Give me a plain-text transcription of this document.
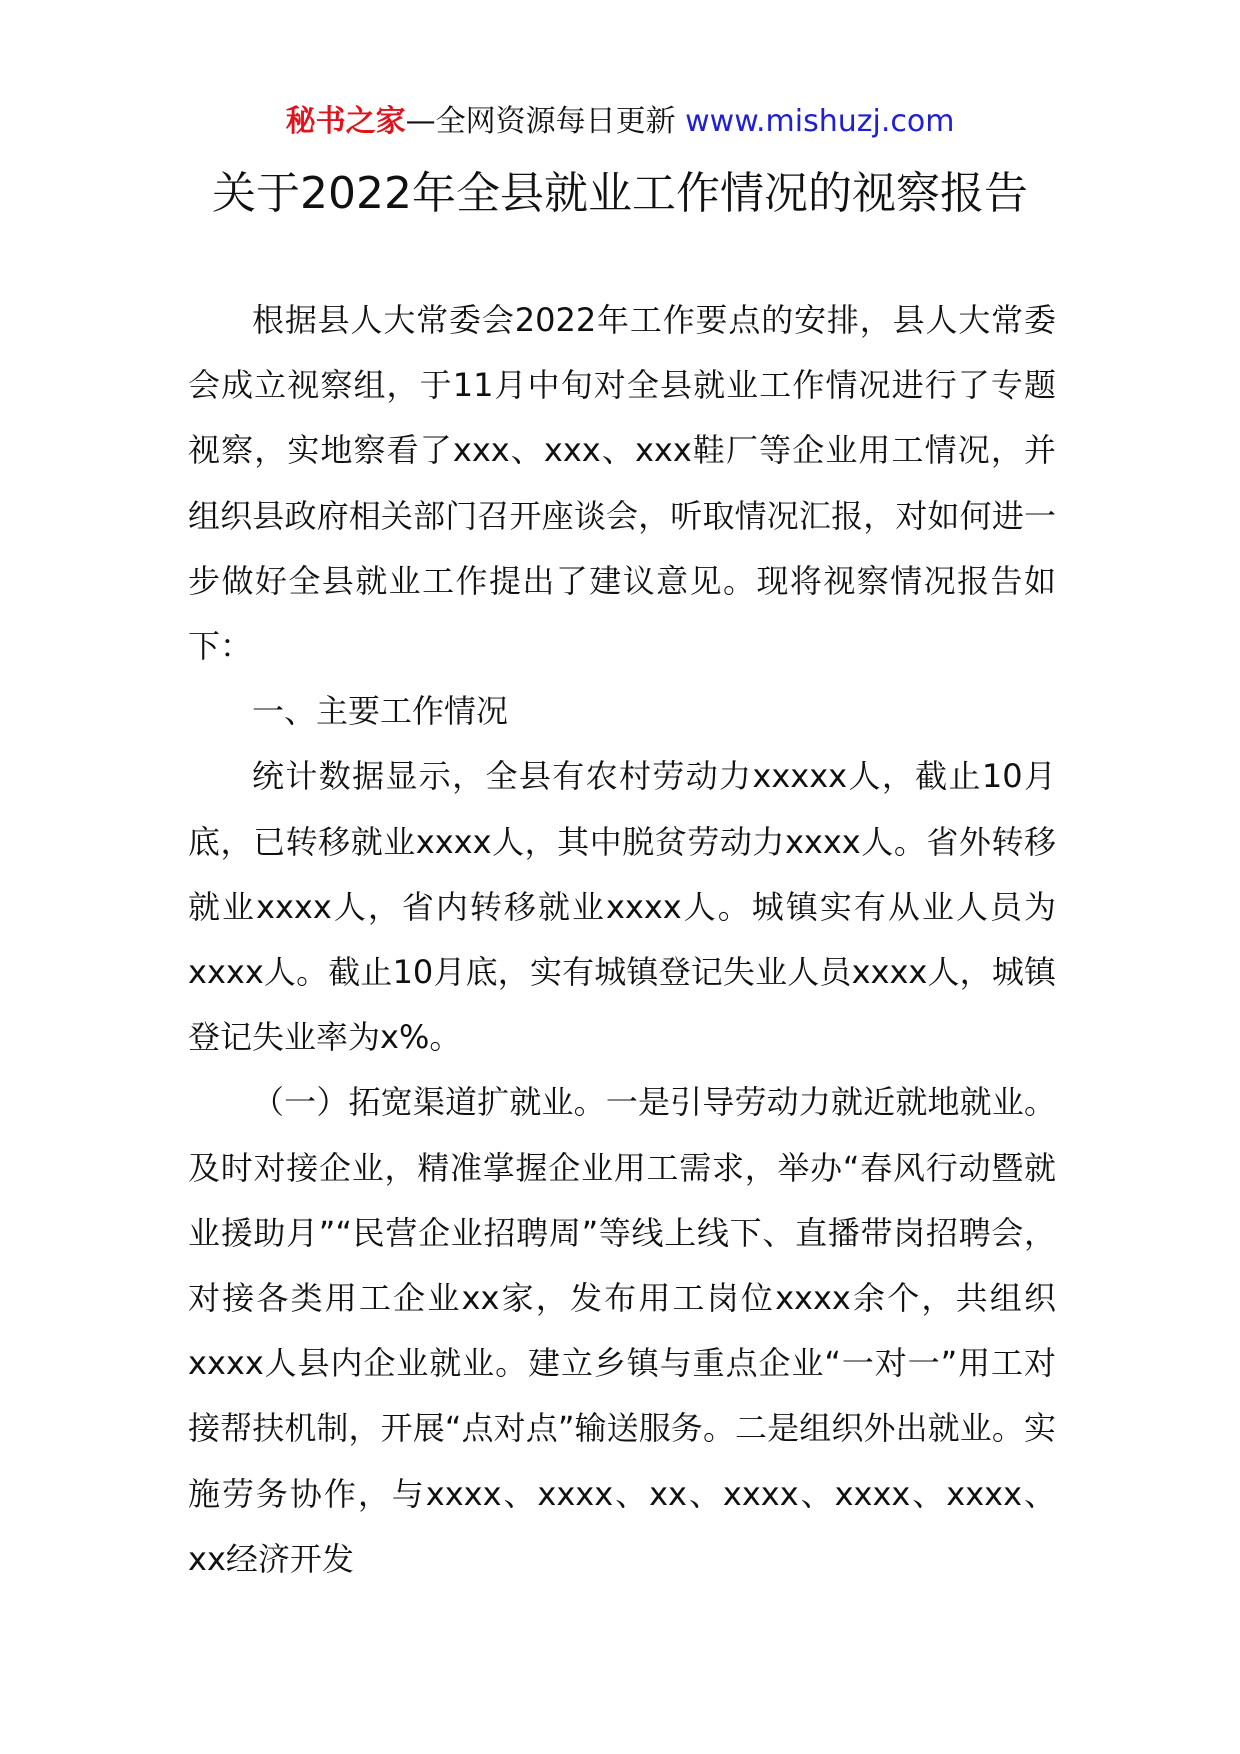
秘书之家—全网资源每日更新 www.mishuzj.com
关于2022年全县就业工作情况的视察报告

根据县人大常委会2022年工作要点的安排，县人大常委会成立视察组，于11月中旬对全县就业工作情况进行了专题视察，实地察看了xxx、xxx、xxx鞋厂等企业用工情况，并组织县政府相关部门召开座谈会，听取情况汇报，对如何进一步做好全县就业工作提出了建议意见。现将视察情况报告如下：

一、主要工作情况

统计数据显示，全县有农村劳动力xxxxx人，截止10月底，已转移就业xxxx人，其中脱贫劳动力xxxx人。省外转移就业xxxx人，省内转移就业xxxx人。城镇实有从业人员为xxxx人。截止10月底，实有城镇登记失业人员xxxx人，城镇登记失业率为x%。

（一）拓宽渠道扩就业。一是引导劳动力就近就地就业。及时对接企业，精准掌握企业用工需求，举办“春风行动暨就业援助月”“民营企业招聘周”等线上线下、直播带岗招聘会，对接各类用工企业xx家，发布用工岗位xxxx余个，共组织xxxx人县内企业就业。建立乡镇与重点企业“一对一”用工对接帮扶机制，开展“点对点”输送服务。二是组织外出就业。实施劳务协作，与xxxx、xxxx、xx、xxxx、xxxx、xxxx、xx经济开发
